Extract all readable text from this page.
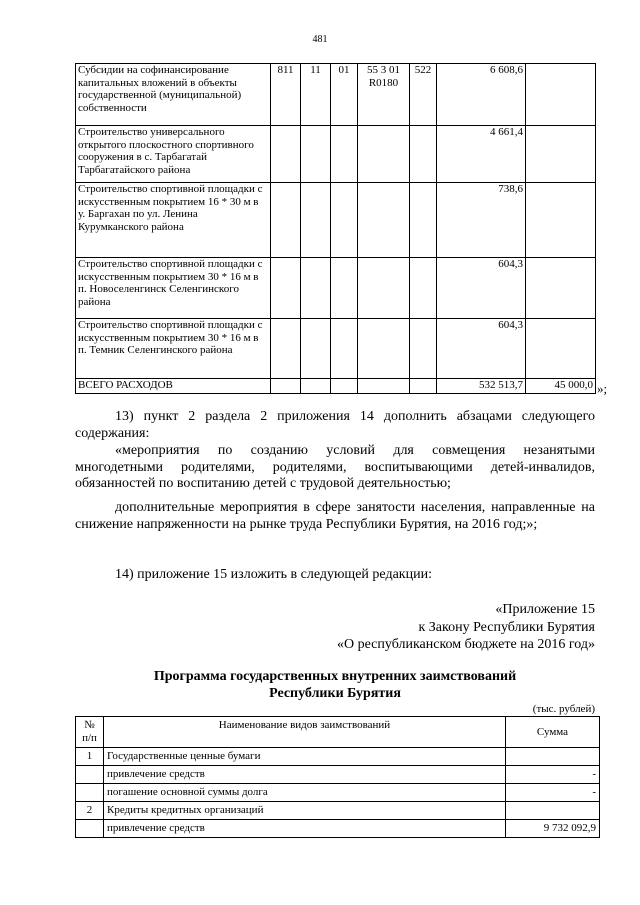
481
Субсидии на софинансирование капитальных вложений в объекты государственной (муниципальной) собственности	811	11	01	55 3 01 R0180	522	6 608,6	
Строительство универсального открытого плоскостного спортивного сооружения в с. Тарбагатай Тарбагатайского района						4 661,4	
Строительство спортивной площадки с искусственным покрытием 16 * 30 м в у. Баргахан по ул. Ленина Курумканского района						738,6	
Строительство спортивной площадки с искусственным покрытием 30 * 16 м в п. Новоселенгинск Селенгинского района						604,3	
Строительство спортивной площадки с искусственным покрытием 30 * 16 м в п. Темник Селенгинского района						604,3	
ВСЕГО РАСХОДОВ						532 513,7	45 000,0 »;
13) пункт 2 раздела 2 приложения 14 дополнить абзацами следующего содержания:
«мероприятия по созданию условий для совмещения незанятыми многодетными родителями, родителями, воспитывающими детей-инвалидов, обязанностей по воспитанию детей с трудовой деятельностью;
дополнительные мероприятия в сфере занятости населения, направленные на снижение напряженности на рынке труда Республики Бурятия, на 2016 год;»;
14) приложение 15 изложить в следующей редакции:
«Приложение 15
к Закону Республики Бурятия
«О республиканском бюджете на 2016 год»
Программа государственных внутренних заимствований
Республики Бурятия
(тыс. рублей)
№ п/п	Наименование видов заимствований	Сумма
1	Государственные ценные бумаги	
	привлечение средств	-
	погашение основной суммы долга	-
2	Кредиты кредитных организаций	
	привлечение средств	9 732 092,9
